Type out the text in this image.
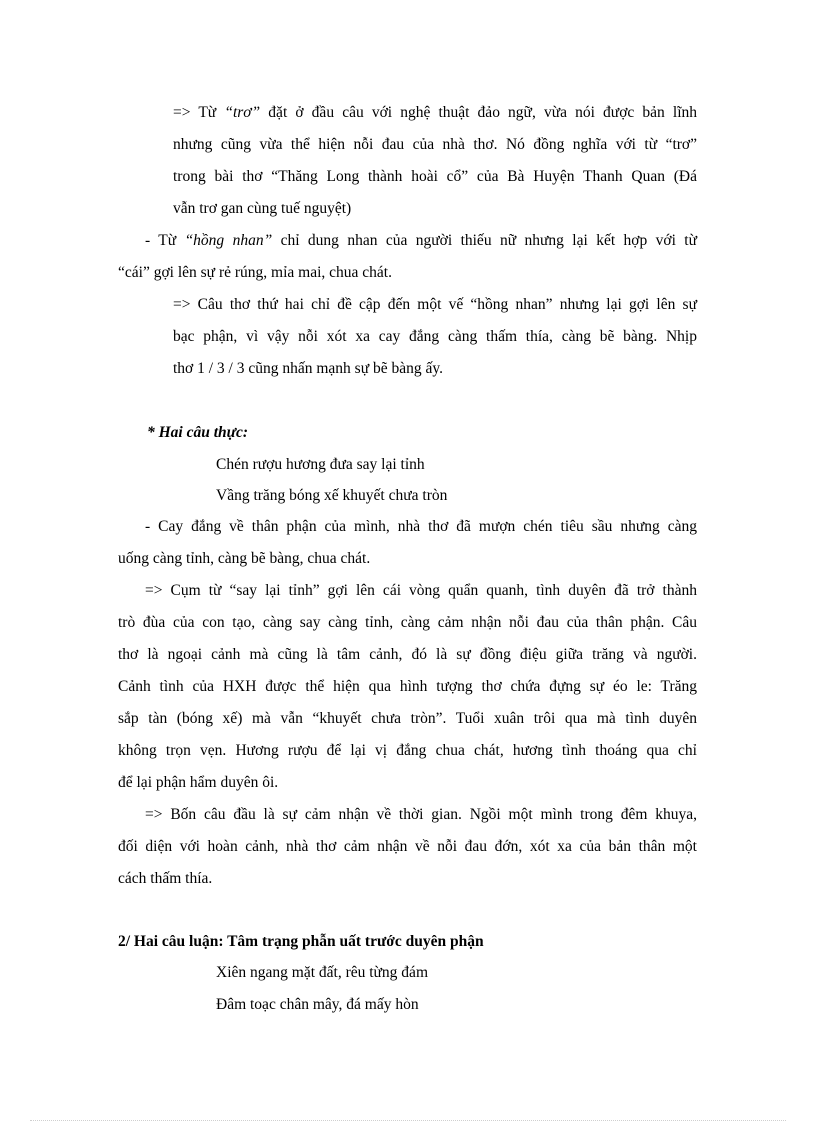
=> Từ “trơ” đặt ở đầu câu với nghệ thuật đảo ngữ, vừa nói được bản lĩnh
nhưng cũng vừa thể hiện nỗi đau của nhà thơ. Nó đồng nghĩa với từ “trơ”
trong bài thơ “Thăng Long thành hoài cổ” của Bà Huyện Thanh Quan (Đá
vẫn trơ gan cùng tuế nguyệt)
- Từ “hồng nhan” chỉ dung nhan của người thiếu nữ nhưng lại kết hợp với từ
“cái” gợi lên sự rẻ rúng, mỉa mai, chua chát.
=> Câu thơ thứ hai chỉ đề cập đến một vế “hồng nhan” nhưng lại gợi lên sự
bạc phận, vì vậy nỗi xót xa cay đắng càng thấm thía, càng bẽ bàng. Nhịp
thơ 1 / 3 / 3 cũng nhấn mạnh sự bẽ bàng ấy.
* Hai câu thực:
Chén rượu hương đưa say lại tỉnh
Vầng trăng bóng xế khuyết chưa tròn
- Cay đắng về thân phận của mình, nhà thơ đã mượn chén tiêu sầu nhưng càng
uống càng tỉnh, càng bẽ bàng, chua chát.
=> Cụm từ “say lại tỉnh” gợi lên cái vòng quẩn quanh, tình duyên đã trở thành
trò đùa của con tạo, càng say càng tỉnh, càng cảm nhận nỗi đau của thân phận. Câu
thơ là ngoại cảnh mà cũng là tâm cảnh, đó là sự đồng điệu giữa trăng và người.
Cảnh tình của HXH được thể hiện qua hình tượng thơ chứa đựng sự éo le: Trăng
sắp tàn (bóng xế) mà vẫn “khuyết chưa tròn”. Tuổi xuân trôi qua mà tình duyên
không trọn vẹn. Hương rượu để lại vị đắng chua chát, hương tình thoáng qua chỉ
để lại phận hẩm duyên ôi.
=> Bốn câu đầu là sự cảm nhận về thời gian. Ngồi một mình trong đêm khuya,
đối diện với hoàn cảnh, nhà thơ cảm nhận về nỗi đau đớn, xót xa của bản thân một
cách thấm thía.
2/ Hai câu luận: Tâm trạng phẫn uất trước duyên phận
Xiên ngang mặt đất, rêu từng đám
Đâm toạc chân mây, đá mấy hòn
